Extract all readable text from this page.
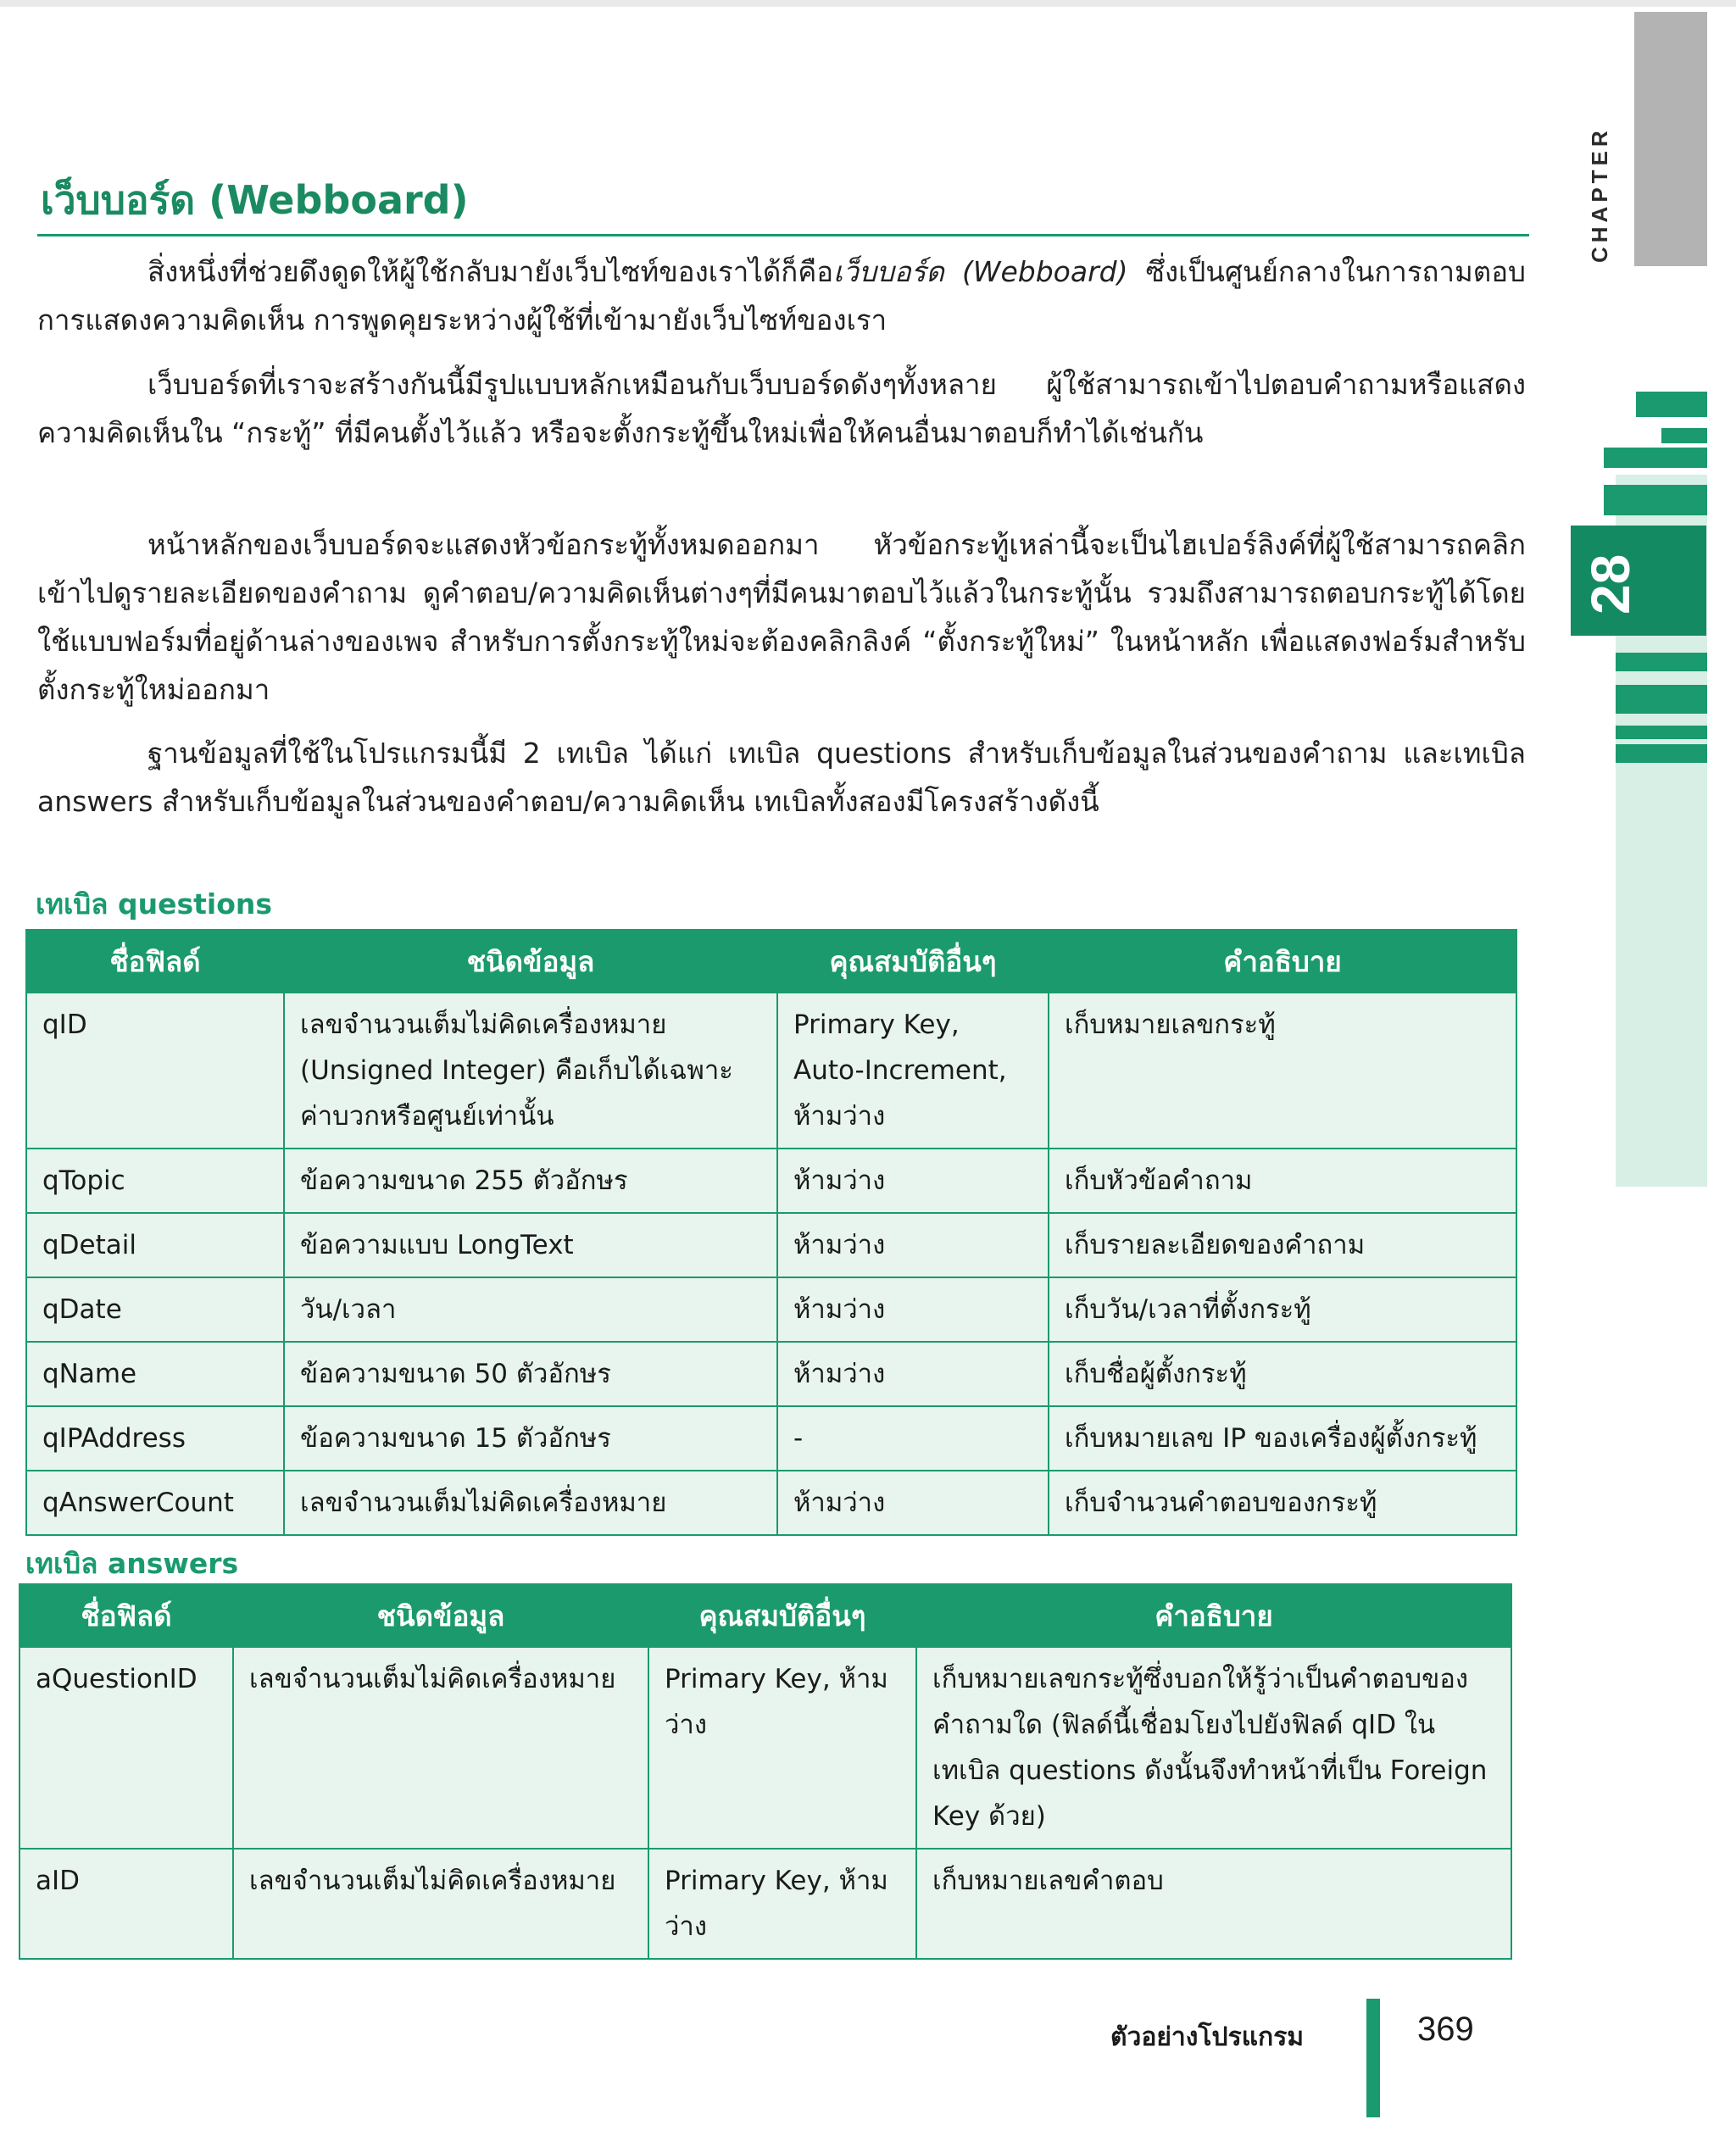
CHAPTER
28
เว็บบอร์ด (Webboard)

สิ่งหนึ่งที่ช่วยดึงดูดให้ผู้ใช้กลับมายังเว็บไซท์ของเราได้ก็คือเว็บบอร์ด (Webboard) ซึ่งเป็นศูนย์กลางในการถามตอบ การแสดงความคิดเห็น การพูดคุยระหว่างผู้ใช้ที่เข้ามายังเว็บไซท์ของเรา

เว็บบอร์ดที่เราจะสร้างกันนี้มีรูปแบบหลักเหมือนกับเว็บบอร์ดดังๆทั้งหลาย ผู้ใช้สามารถเข้าไปตอบคำถามหรือแสดงความคิดเห็นใน “กระทู้” ที่มีคนตั้งไว้แล้ว หรือจะตั้งกระทู้ขึ้นใหม่เพื่อให้คนอื่นมาตอบก็ทำได้เช่นกัน

หน้าหลักของเว็บบอร์ดจะแสดงหัวข้อกระทู้ทั้งหมดออกมา หัวข้อกระทู้เหล่านี้จะเป็นไฮเปอร์ลิงค์ที่ผู้ใช้สามารถคลิกเข้าไปดูรายละเอียดของคำถาม ดูคำตอบ/ความคิดเห็นต่างๆที่มีคนมาตอบไว้แล้วในกระทู้นั้น รวมถึงสามารถตอบกระทู้ได้โดยใช้แบบฟอร์มที่อยู่ด้านล่างของเพจ สำหรับการตั้งกระทู้ใหม่จะต้องคลิกลิงค์ “ตั้งกระทู้ใหม่” ในหน้าหลัก เพื่อแสดงฟอร์มสำหรับตั้งกระทู้ใหม่ออกมา

ฐานข้อมูลที่ใช้ในโปรแกรมนี้มี 2 เทเบิล ได้แก่ เทเบิล questions สำหรับเก็บข้อมูลในส่วนของคำถาม และเทเบิล answers สำหรับเก็บข้อมูลในส่วนของคำตอบ/ความคิดเห็น เทเบิลทั้งสองมีโครงสร้างดังนี้

เทเบิล questions
ชื่อฟิลด์	ชนิดข้อมูล	คุณสมบัติอื่นๆ	คำอธิบาย
qID	เลขจำนวนเต็มไม่คิดเครื่องหมาย (Unsigned Integer) คือเก็บได้เฉพาะค่าบวกหรือศูนย์เท่านั้น	Primary Key, Auto-Increment, ห้ามว่าง	เก็บหมายเลขกระทู้
qTopic	ข้อความขนาด 255 ตัวอักษร	ห้ามว่าง	เก็บหัวข้อคำถาม
qDetail	ข้อความแบบ LongText	ห้ามว่าง	เก็บรายละเอียดของคำถาม
qDate	วัน/เวลา	ห้ามว่าง	เก็บวัน/เวลาที่ตั้งกระทู้
qName	ข้อความขนาด 50 ตัวอักษร	ห้ามว่าง	เก็บชื่อผู้ตั้งกระทู้
qIPAddress	ข้อความขนาด 15 ตัวอักษร	-	เก็บหมายเลข IP ของเครื่องผู้ตั้งกระทู้
qAnswerCount	เลขจำนวนเต็มไม่คิดเครื่องหมาย	ห้ามว่าง	เก็บจำนวนคำตอบของกระทู้
เทเบิล answers
ชื่อฟิลด์	ชนิดข้อมูล	คุณสมบัติอื่นๆ	คำอธิบาย
aQuestionID	เลขจำนวนเต็มไม่คิดเครื่องหมาย	Primary Key, ห้ามว่าง	เก็บหมายเลขกระทู้ซึ่งบอกให้รู้ว่าเป็นคำตอบของคำถามใด (ฟิลด์นี้เชื่อมโยงไปยังฟิลด์ qID ในเทเบิล questions ดังนั้นจึงทำหน้าที่เป็น Foreign Key ด้วย)
aID	เลขจำนวนเต็มไม่คิดเครื่องหมาย	Primary Key, ห้ามว่าง	เก็บหมายเลขคำตอบ
ตัวอย่างโปรแกรม	369
